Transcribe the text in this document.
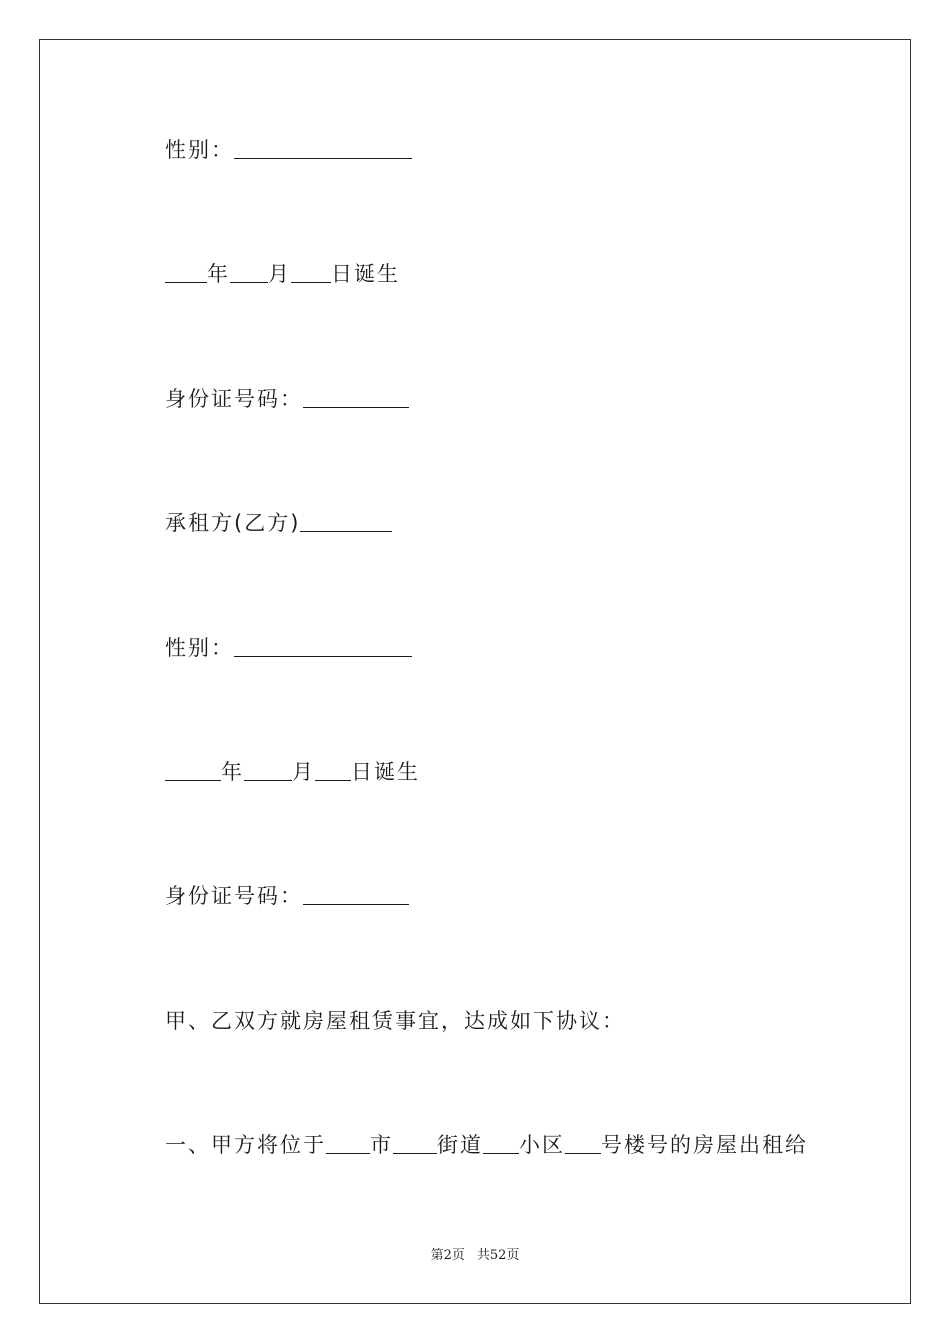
性别：
年 月 日诞生
身份证号码：
承租方(乙方)
性别：
年 月 日诞生
身份证号码：
甲、乙双方就房屋租赁事宜，达成如下协议：
一、甲方将位于 市 街道 小区 号楼号的房屋出租给
第2页 共52页
